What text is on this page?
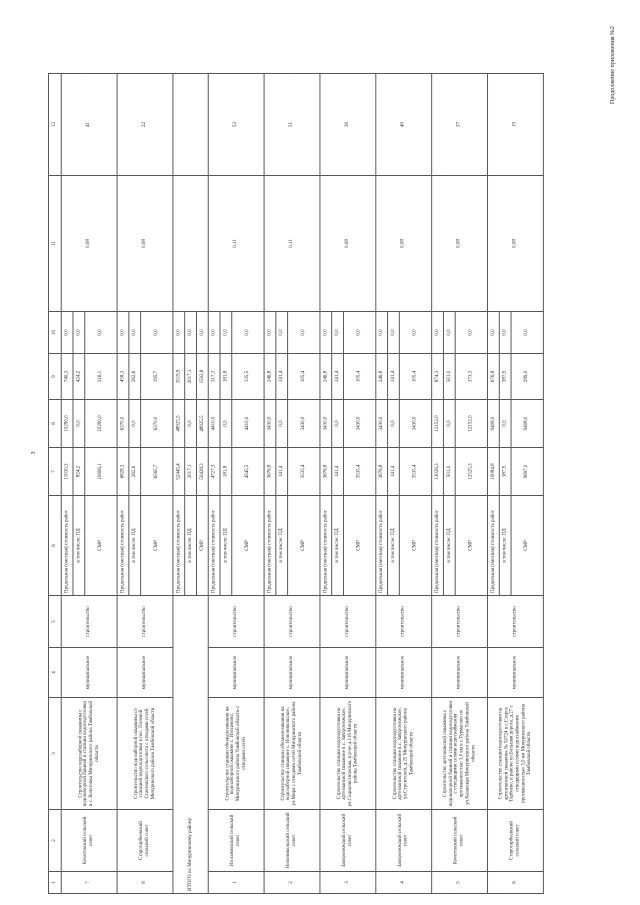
3
Продолжение приложения №2
1	2	3	4	5	6	7	8	9	10	11	12
7	Кочетовский сельский совет	Строительство водозаборной скважины с водонапорной башней и станции водоподготовки в с. Кочетовка Мичуринского района Тамбовской области	муниципальное	строительство	Предельная (сметная) стоимость работ	11030,3	10290,0	740,3	0,0	0,08	41
					в том числе: ПД	824,2	0,0	424,2	0,0		
					СМР	10606,1	10290,0	316,1	0,0		
8	Старотарбеевский сельский совет	Строительство водозаборной скважины со станцией водоподготовки в пос. Полевой Стаеховского сельсовета с отводами сетей Мичуринского района Тамбовской области	муниципальное	строительство	Предельная (сметная) стоимость работ	6828,3	6370,0	458,3	0,0	0,08	22
					в том числе: ПД	262,6	0,0	262,6	0,0		
					СМР	6565,7	6370,0	195,7	0,0		
ИТОГО по Мичуринскому району:					Предельная (сметная) стоимость работ	52445,4	48925,5	3519,9	0,0		
					в том числе: ПД	2017,1	0,0	2017,1	0,0		
					СМР	50428,3	48925,5	1502,8	0,0		
1	Изосимовский сельский совет	Строительство станции обезжелезивания на водозаборной скважине с. Изосимово, Мичуринского района Тамбовской области с отводами сетей	муниципальное	строительство	Предельная (сметная) стоимость работ	4727,3	4410,0	317,3	0,0	0,11	53
					в том числе: ПД	181,8	0,0	181,8	0,0		
					СМР	4545,5	4410,0	135,5	0,0		
2	Новоникольский сельский совет	Строительство станции обезжелезивания на водозаборной скважине с. Новоникольское, ул.Мира с отводами сетей Мичуринского района Тамбовской области	муниципальное	строительство	Предельная (сметная) стоимость работ	3676,8	3430,0	246,8	0,0	0,11	51
					в том числе: ПД	141,4	0,0	141,4	0,0		
					СМР	3535,4	3430,0	105,4	0,0		
3	Заворонежский сельский совет	Строительство станции водоподготовки на артезианской скважине в с. Заворонежское, ул.Социалистическая, в р-не д.116 Мичуринского района Тамбовской области	муниципальное	строительство	Предельная (сметная) стоимость работ	3676,8	3430,0	246,8	0,0	0,08	39
					в том числе: ПД	141,4	0,0	141,4	0,0		
					СМР	3535,4	3430,0	105,4	0,0		
4	Заворонежский сельский совет	Строительство станции водоподготовки на артезианской скважине в с. Заворонежское, ул.Строителей, д.25 Мичуринского района Тамбовской области	муниципальное	строительство	Предельная (сметная) стоимость работ	3676,8	3430,0	246,8	0,0	0,08	40
					в том числе: ПД	141,4	0,0	141,4	0,0		
					СМР	3535,4	3430,0	105,4	0,0		
5	Кочетовский сельский совет	Строительство артезианской скважины с водонапорной башней и станции водоподготовки с отводящими сетями водоснабжения протяженностью 3,0 км в с.Турмасово по ул.Казанская Мичуринского района Тамбовской области	муниципальное	строительство	Предельная (сметная) стоимость работ	13026,3	12152,0	874,3	0,0	0,08	37
					в том числе: ПД	501,0	0,0	501,0	0,0		
					СМР	12525,3	12152,0	373,3	0,0		
6	Старотарбеевский сельский совет	Строительство станции водоподготовки на артезианской скважине № 50724 в с.Старое Тарбеево, в районе ул.Большая дорога, д.27 с отводящими сетями водоснабжения протяженностью 3,0 км Мичуринского района Тамбовской области	муниципальное	строительство	Предельная (сметная) стоимость работ	10084,8	9408,0	676,8	0,0	0,08	19
					в том числе: ПД	387,9	0,0	387,9	0,0		
					СМР	9697,0	9408,0	289,0	0,0		
